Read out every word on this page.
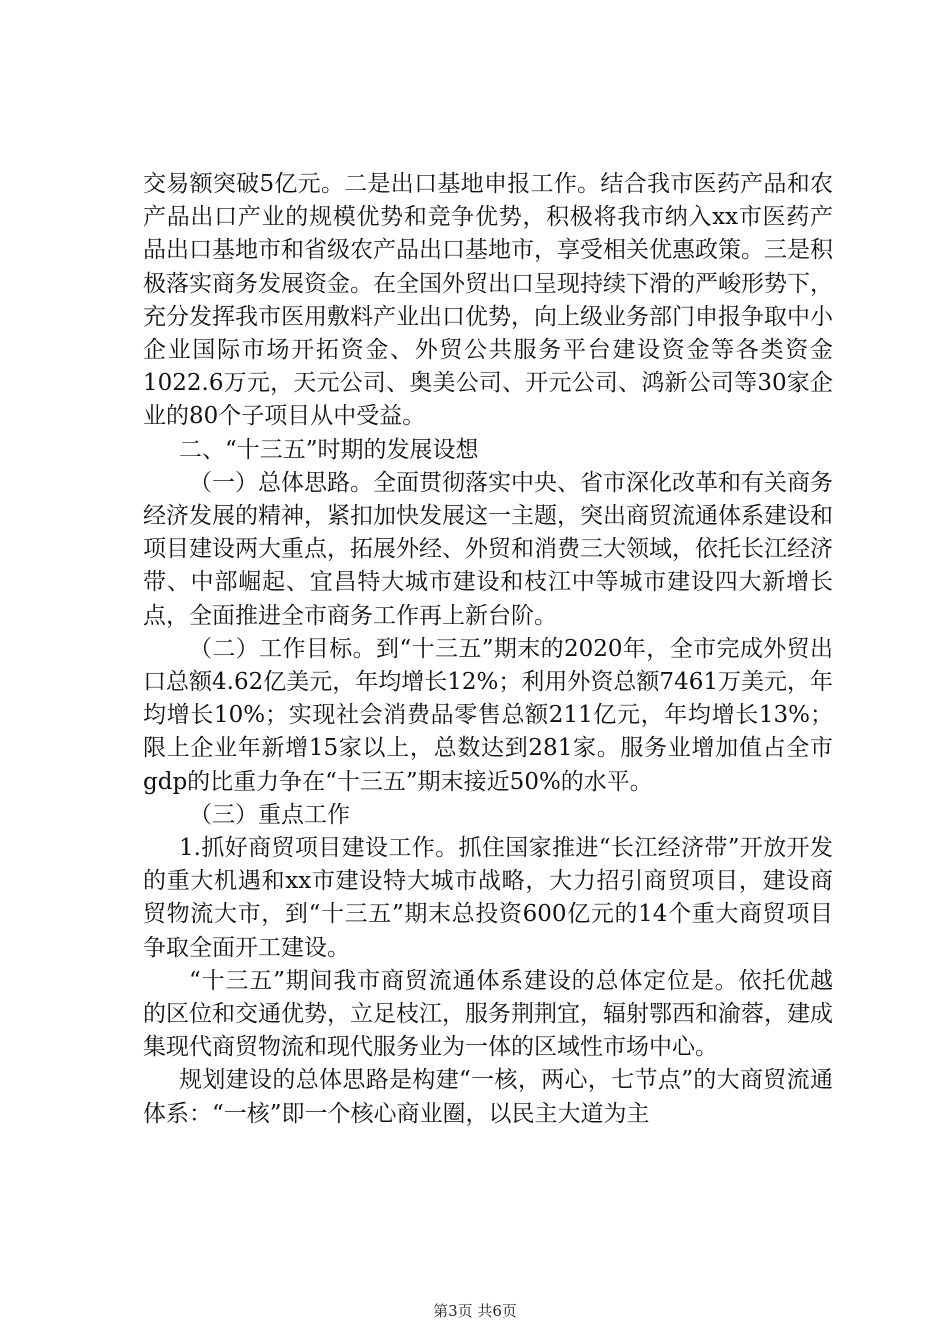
交易额突破5亿元。二是出口基地申报工作。结合我市医药产品和农产品出口产业的规模优势和竞争优势，积极将我市纳入xx市医药产品出口基地市和省级农产品出口基地市，享受相关优惠政策。三是积极落实商务发展资金。在全国外贸出口呈现持续下滑的严峻形势下，充分发挥我市医用敷料产业出口优势，向上级业务部门申报争取中小企业国际市场开拓资金、外贸公共服务平台建设资金等各类资金1022.6万元，天元公司、奥美公司、开元公司、鸿新公司等30家企业的80个子项目从中受益。

二、“十三五”时期的发展设想

（一）总体思路。全面贯彻落实中央、省市深化改革和有关商务经济发展的精神，紧扣加快发展这一主题，突出商贸流通体系建设和项目建设两大重点，拓展外经、外贸和消费三大领域，依托长江经济带、中部崛起、宜昌特大城市建设和枝江中等城市建设四大新增长点，全面推进全市商务工作再上新台阶。

（二）工作目标。到“十三五”期末的2020年，全市完成外贸出口总额4.62亿美元，年均增长12%；利用外资总额7461万美元，年均增长10%；实现社会消费品零售总额211亿元，年均增长13%；限上企业年新增15家以上，总数达到281家。服务业增加值占全市gdp的比重力争在“十三五”期末接近50%的水平。

（三）重点工作

1.抓好商贸项目建设工作。抓住国家推进“长江经济带”开放开发的重大机遇和xx市建设特大城市战略，大力招引商贸项目，建设商贸物流大市，到“十三五”期末总投资600亿元的14个重大商贸项目争取全面开工建设。

“十三五”期间我市商贸流通体系建设的总体定位是。依托优越的区位和交通优势，立足枝江，服务荆荆宜，辐射鄂西和渝蓉，建成集现代商贸物流和现代服务业为一体的区域性市场中心。

规划建设的总体思路是构建“一核，两心，七节点”的大商贸流通体系：“一核”即一个核心商业圈，以民主大道为主

第3页 共6页
